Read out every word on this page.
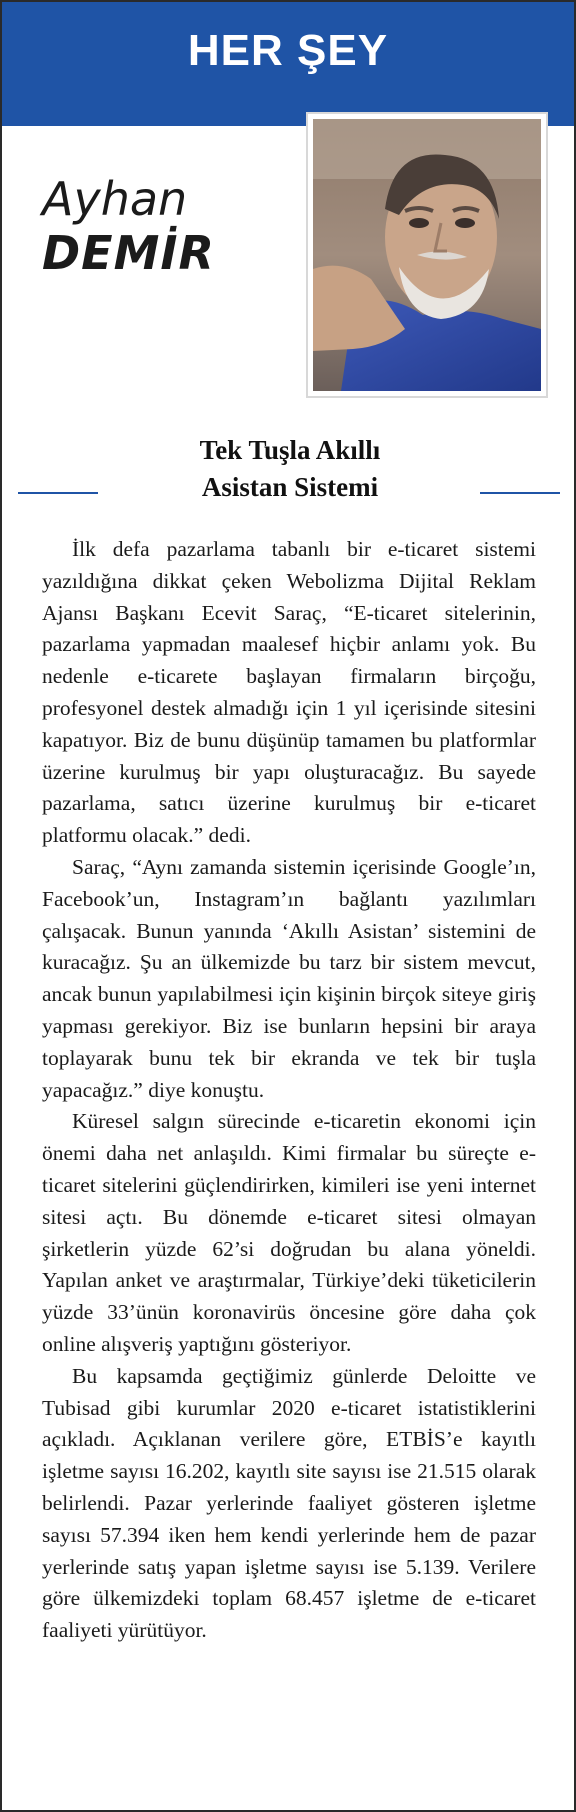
HER ŞEY
Ayhan
DEMİR
Tek Tuşla Akıllı
Asistan Sistemi

İlk defa pazarlama tabanlı bir e-ticaret sistemi yazıldığına dikkat çeken Webolizma Dijital Reklam Ajansı Başkanı Ecevit Saraç, “E-ticaret sitelerinin, pazarlama yapmadan maalesef hiçbir anlamı yok. Bu nedenle e-ticarete başlayan firmaların birçoğu, profesyonel destek almadığı için 1 yıl içerisinde sitesini kapatıyor. Biz de bunu düşünüp tamamen bu platformlar üzerine kurulmuş bir yapı oluşturacağız. Bu sayede pazarlama, satıcı üzerine kurulmuş bir e-ticaret platformu olacak.” dedi.

Saraç, “Aynı zamanda sistemin içerisinde Google’ın, Facebook’un, Instagram’ın bağlantı yazılımları çalışacak. Bunun yanında ‘Akıllı Asistan’ sistemini de kuracağız. Şu an ülkemizde bu tarz bir sistem mevcut, ancak bunun yapılabilmesi için kişinin birçok siteye giriş yapması gerekiyor. Biz ise bunların hepsini bir araya toplayarak bunu tek bir ekranda ve tek bir tuşla yapacağız.” diye konuştu.

Küresel salgın sürecinde e-ticaretin ekonomi için önemi daha net anlaşıldı. Kimi firmalar bu süreçte e-ticaret sitelerini güçlendirirken, kimileri ise yeni internet sitesi açtı. Bu dönemde e-ticaret sitesi olmayan şirketlerin yüzde 62’si doğrudan bu alana yöneldi. Yapılan anket ve araştırmalar, Türkiye’deki tüketicilerin yüzde 33’ünün koronavirüs öncesine göre daha çok online alışveriş yaptığını gösteriyor.

Bu kapsamda geçtiğimiz günlerde Deloitte ve Tubisad gibi kurumlar 2020 e-ticaret istatistiklerini açıkladı. Açıklanan verilere göre, ETBİS’e kayıtlı işletme sayısı 16.202, kayıtlı site sayısı ise 21.515 olarak belirlendi. Pazar yerlerinde faaliyet gösteren işletme sayısı 57.394 iken hem kendi yerlerinde hem de pazar yerlerinde satış yapan işletme sayısı ise 5.139. Verilere göre ülkemizdeki toplam 68.457 işletme de e-ticaret faaliyeti yürütüyor.
